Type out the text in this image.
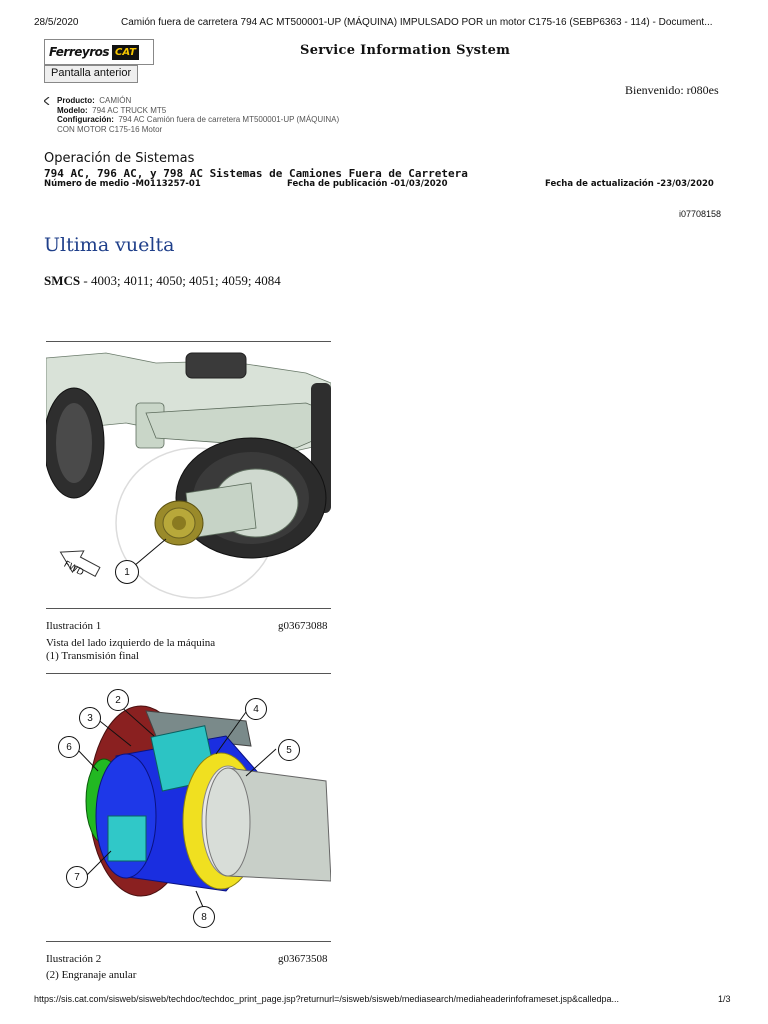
28/5/2020	Camión fuera de carretera 794 AC MT500001-UP (MÁQUINA) IMPULSADO POR un motor C175-16 (SEBP6363 - 114) - Document...
Ferreyros CAT
Pantalla anterior
Service Information System
Bienvenido: r080es
Producto: CAMIÓN
Modelo: 794 AC TRUCK MT5
Configuración: 794 AC Camión fuera de carretera MT500001-UP (MÁQUINA)
CON MOTOR C175-16 Motor
Operación de Sistemas
794 AC, 796 AC, y 798 AC Sistemas de Camiones Fuera de Carretera
Número de medio -M0113257-01	Fecha de publicación -01/03/2020	Fecha de actualización -23/03/2020
i07708158
Ultima vuelta
SMCS - 4003; 4011; 4050; 4051; 4059; 4084
FWD	1
Ilustración 1	g03673088
Vista del lado izquierdo de la máquina
(1) Transmisión final
2
3
4
5
6
7
8
Ilustración 2	g03673508
(2) Engranaje anular
https://sis.cat.com/sisweb/sisweb/techdoc/techdoc_print_page.jsp?returnurl=/sisweb/sisweb/mediasearch/mediaheaderinfoframeset.jsp&calledpa...	1/3
